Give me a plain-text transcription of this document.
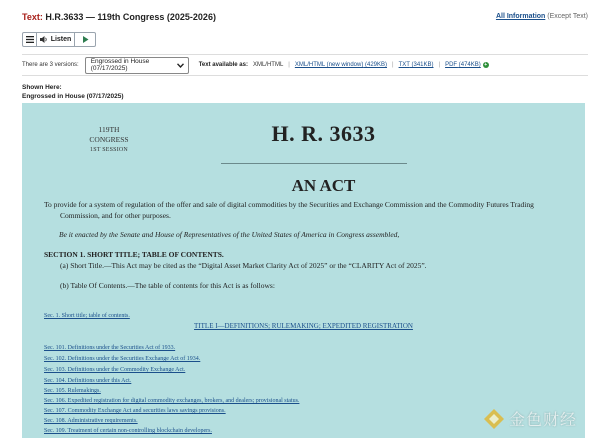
Text: H.R.3633 — 119th Congress (2025-2026)	All Information (Except Text)
Listen
There are 3 versions: Engrossed in House (07/17/2025)	Text available as: XML/HTML | XML/HTML (new window) (429KB) | TXT (341KB) | PDF (474KB) +
Shown Here:
Engrossed in House (07/17/2025)
119TH CONGRESS
1ST SESSION
H. R. 3633
AN ACT
To provide for a system of regulation of the offer and sale of digital commodities by the Securities and Exchange Commission and the Commodity Futures Trading
Commission, and for other purposes.
Be it enacted by the Senate and House of Representatives of the United States of America in Congress assembled,
SECTION 1. SHORT TITLE; TABLE OF CONTENTS.
(a) Short Title.—This Act may be cited as the “Digital Asset Market Clarity Act of 2025” or the “CLARITY Act of 2025”.
(b) Table Of Contents.—The table of contents for this Act is as follows:
Sec. 1. Short title; table of contents.
TITLE I—DEFINITIONS; RULEMAKING; EXPEDITED REGISTRATION
Sec. 101. Definitions under the Securities Act of 1933.
Sec. 102. Definitions under the Securities Exchange Act of 1934.
Sec. 103. Definitions under the Commodity Exchange Act.
Sec. 104. Definitions under this Act.
Sec. 105. Rulemakings.
Sec. 106. Expedited registration for digital commodity exchanges, brokers, and dealers; provisional status.
Sec. 107. Commodity Exchange Act and securities laws savings provisions.
Sec. 108. Administrative requirements.
Sec. 109. Treatment of certain non-controlling blockchain developers.
金色财经
